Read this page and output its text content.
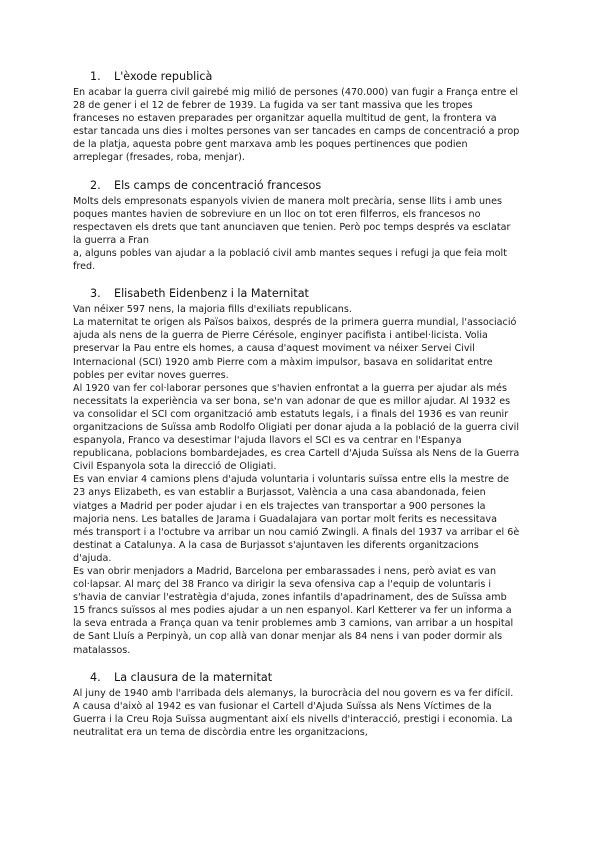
1.	L'èxode republicà

En acabar la guerra civil gairebé mig milió de persones (470.000) van fugir a França entre el 28 de gener i el 12 de febrer de 1939. La fugida va ser tant massiva que les tropes franceses no estaven preparades per organitzar aquella multitud de gent, la frontera va estar tancada uns dies i moltes persones van ser tancades en camps de concentració a prop de la platja, aquesta pobre gent marxava amb les poques pertinences que podien arreplegar (fresades, roba, menjar).

2.	Els camps de concentració francesos

Molts dels empresonats espanyols vivien de manera molt precària, sense llits i amb unes poques mantes havien de sobreviure en un lloc on tot eren filferros, els francesos no respectaven els drets que tant anunciaven que tenien. Però poc temps després va esclatar la guerra a Fran

a, alguns pobles van ajudar a la població civil amb mantes seques i refugi ja que feia molt fred.

3.	Elisabeth Eidenbenz i la Maternitat

Van néixer 597 nens, la majoria fills d'exiliats republicans.

La maternitat te origen als Països baixos, després de la primera guerra mundial, l'associació ajuda als nens de la guerra de Pierre Cérésole, enginyer pacifista i antibel·licista. Volia preservar la Pau entre els homes, a causa d'aquest moviment va néixer Servei Civil Internacional (SCI) 1920 amb Pierre com a màxim impulsor, basava en solidaritat entre pobles per evitar noves guerres.

Al 1920 van fer col·laborar persones que s'havien enfrontat a la guerra per ajudar als més necessitats la experiència va ser bona, se'n van adonar de que es millor ajudar. Al 1932 es va consolidar el SCI com organització amb estatuts legals, i a finals del 1936 es van reunir organitzacions de Suïssa amb Rodolfo Oligiati per donar ajuda a la població de la guerra civil espanyola, Franco va desestimar l'ajuda llavors el SCI es va centrar en l'Espanya republicana, poblacions bombardejades, es crea Cartell d'Ajuda Suïssa als Nens de la Guerra Civil Espanyola sota la direcció de Oligiati.

Es van enviar 4 camions plens d'ajuda voluntaria i voluntaris suïssa entre ells la mestre de 23 anys Elizabeth, es van establir a Burjassot, València a una casa abandonada, feien viatges a Madrid per poder ajudar i en els trajectes van transportar a 900 persones la majoria nens. Les batalles de Jarama i Guadalajara van portar molt ferits es necessitava més transport i a l'octubre va arribar un nou camió Zwingli. A finals del 1937 va arribar el 6è destinat a Catalunya. A la casa de Burjassot s'ajuntaven les diferents organitzacions d'ajuda.

Es van obrir menjadors a Madrid, Barcelona per embarassades i nens, però aviat es van col·lapsar. Al març del 38 Franco va dirigir la seva ofensiva cap a l'equip de voluntaris i s'havia de canviar l'estratègia d'ajuda, zones infantils d'apadrinament, des de Suïssa amb 15 francs suïssos al mes podies ajudar a un nen espanyol. Karl Ketterer va fer un informa a la seva entrada a França quan va tenir problemes amb 3 camions, van arribar a un hospital de Sant Lluís a Perpinyà, un cop allà van donar menjar als 84 nens i van poder dormir als matalassos.

4.	La clausura de la maternitat

Al juny de 1940 amb l'arribada dels alemanys, la burocràcia del nou govern es va fer difícil. A causa d'això al 1942 es van fusionar el Cartell d'Ajuda Suïssa als Nens Víctimes de la Guerra i la Creu Roja Suïssa augmentant així els nivells d'interacció, prestigi i economia. La neutralitat era un tema de discòrdia entre les organitzacions,
